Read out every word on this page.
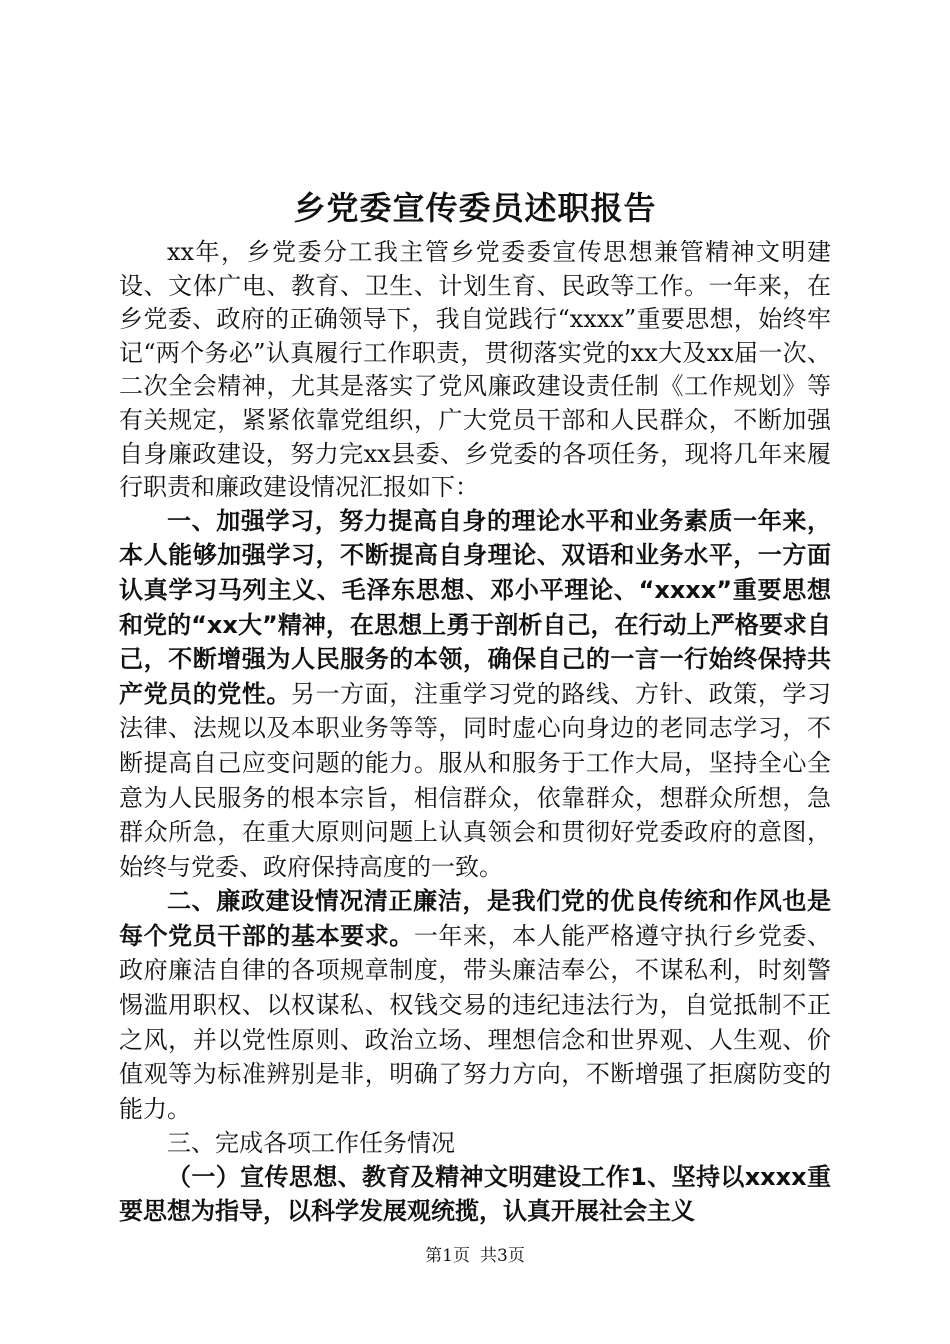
乡党委宣传委员述职报告

xx年，乡党委分工我主管乡党委委宣传思想兼管精神文明建设、文体广电、教育、卫生、计划生育、民政等工作。一年来，在乡党委、政府的正确领导下，我自觉践行“xxxx”重要思想，始终牢记“两个务必”认真履行工作职责，贯彻落实党的xx大及xx届一次、二次全会精神，尤其是落实了党风廉政建设责任制《工作规划》等有关规定，紧紧依靠党组织，广大党员干部和人民群众，不断加强自身廉政建设，努力完xx县委、乡党委的各项任务，现将几年来履行职责和廉政建设情况汇报如下：

一、加强学习，努力提高自身的理论水平和业务素质一年来，本人能够加强学习，不断提高自身理论、双语和业务水平，一方面认真学习马列主义、毛泽东思想、邓小平理论、“xxxx”重要思想和党的“xx大”精神，在思想上勇于剖析自己，在行动上严格要求自己，不断增强为人民服务的本领，确保自己的一言一行始终保持共产党员的党性。另一方面，注重学习党的路线、方针、政策，学习法律、法规以及本职业务等等，同时虚心向身边的老同志学习，不断提高自己应变问题的能力。服从和服务于工作大局，坚持全心全意为人民服务的根本宗旨，相信群众，依靠群众，想群众所想，急群众所急，在重大原则问题上认真领会和贯彻好党委政府的意图，始终与党委、政府保持高度的一致。

二、廉政建设情况清正廉洁，是我们党的优良传统和作风也是每个党员干部的基本要求。一年来，本人能严格遵守执行乡党委、政府廉洁自律的各项规章制度，带头廉洁奉公，不谋私利，时刻警惕滥用职权、以权谋私、权钱交易的违纪违法行为，自觉抵制不正之风，并以党性原则、政治立场、理想信念和世界观、人生观、价值观等为标准辨别是非，明确了努力方向，不断增强了拒腐防变的能力。

三、完成各项工作任务情况

（一）宣传思想、教育及精神文明建设工作1、坚持以xxxx重要思想为指导，以科学发展观统揽，认真开展社会主义

第1页 共3页
